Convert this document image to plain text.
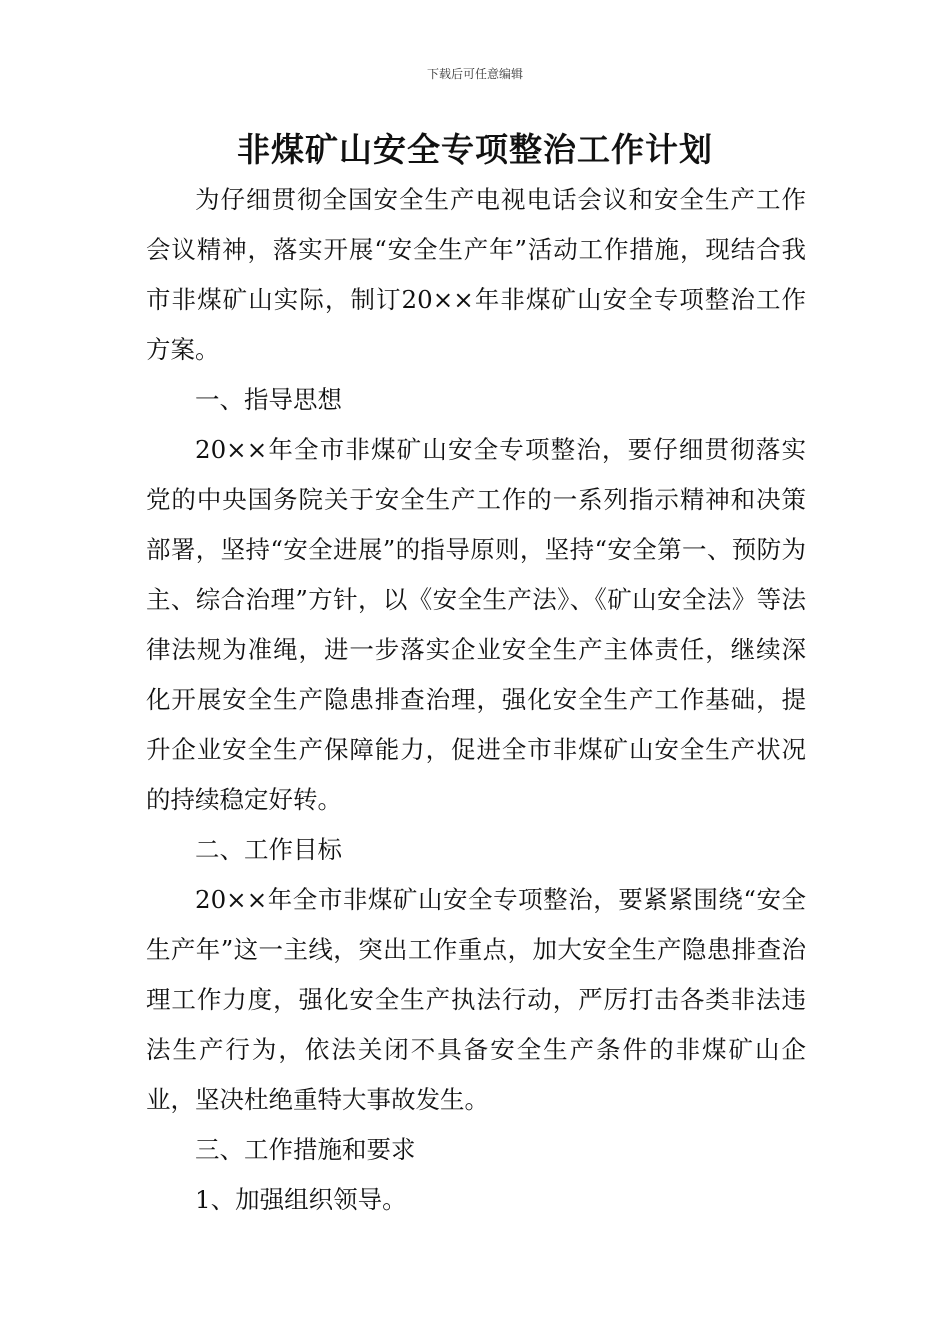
下载后可任意编辑
非煤矿山安全专项整治工作计划

为仔细贯彻全国安全生产电视电话会议和安全生产工作会议精神，落实开展“安全生产年”活动工作措施，现结合我市非煤矿山实际，制订20××年非煤矿山安全专项整治工作方案。

一、指导思想

20××年全市非煤矿山安全专项整治，要仔细贯彻落实党的中央国务院关于安全生产工作的一系列指示精神和决策部署，坚持“安全进展”的指导原则，坚持“安全第一、预防为主、综合治理”方针，以《安全生产法》、《矿山安全法》等法律法规为准绳，进一步落实企业安全生产主体责任，继续深化开展安全生产隐患排查治理，强化安全生产工作基础，提升企业安全生产保障能力，促进全市非煤矿山安全生产状况的持续稳定好转。

二、工作目标

20××年全市非煤矿山安全专项整治，要紧紧围绕“安全生产年”这一主线，突出工作重点，加大安全生产隐患排查治理工作力度，强化安全生产执法行动，严厉打击各类非法违法生产行为，依法关闭不具备安全生产条件的非煤矿山企业，坚决杜绝重特大事故发生。

三、工作措施和要求

1、加强组织领导。
